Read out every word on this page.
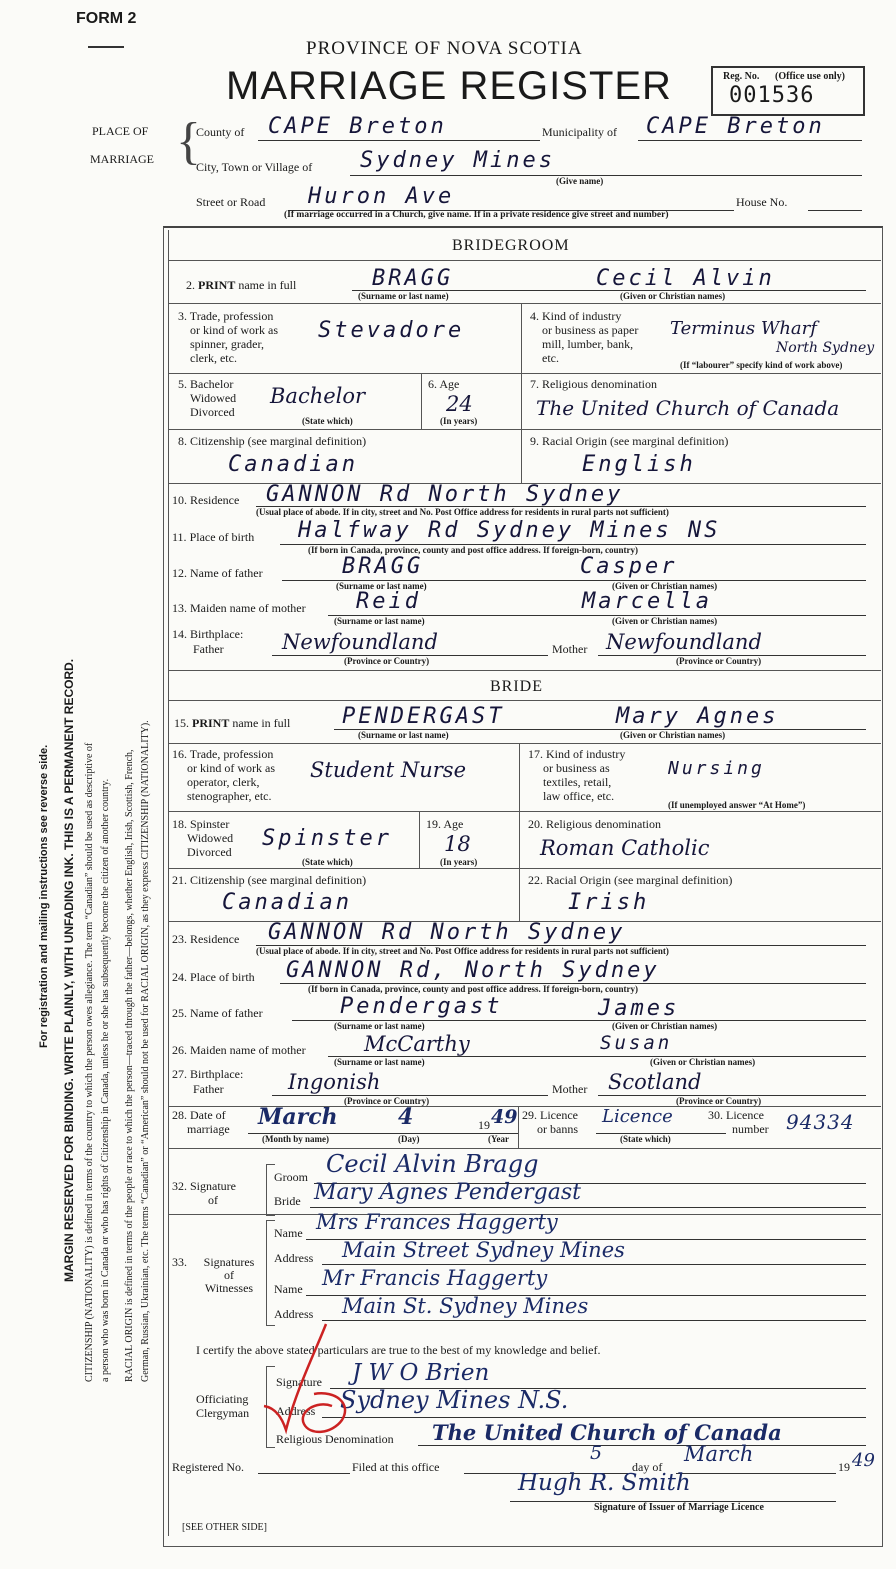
MARGIN RESERVED FOR BINDING. WRITE PLAINLY, WITH UNFADING INK. THIS IS A PERMANENT RECORD.
For registration and mailing instructions see reverse side.	CITIZENSHIP (NATIONALITY) is defined in terms of the country to which the person owes allegiance. The term “Canadian” should be used as descriptive of a person who was born in Canada or who has rights of Citizenship in Canada, unless he or she has subsequently become the citizen of another country. RACIAL ORIGIN is defined in terms of the people or race to which the person—traced through the father—belongs, whether English, Irish, Scottish, French, German, Russian, Ukrainian, etc. The terms “Canadian” or “American” should not be used for RACIAL ORIGIN, as they express CITIZENSHIP (NATIONALITY).
FORM 2
PROVINCE OF NOVA SCOTIA
MARRIAGE REGISTER	Reg. No. (Office use only)
001536
PLACE OF
MARRIAGE {
County of CAPE Breton	Municipality of CAPE Breton
City, Town or Village of Sydney Mines
(Give name)
Street or Road Huron Ave	House No.
(If marriage occurred in a Church, give name. If in a private residence give street and number)
BRIDEGROOM
2. PRINT name in full	BRAGG	Cecil Alvin
(Surname or last name)	(Given or Christian names)
3. Trade, profession
or kind of work as
spinner, grader,
clerk, etc.
Stevadore
4. Kind of industry
or business as paper
mill, lumber, bank,
etc.
Terminus Wharf
North Sydney
(If “labourer” specify kind of work above)
5. Bachelor
Widowed
Divorced
Bachelor
(State which)
6. Age
24
(In years)
7. Religious denomination
The United Church of Canada
8. Citizenship (see marginal definition)
Canadian
9. Racial Origin (see marginal definition)
English
10. Residence GANNON Rd North Sydney
(Usual place of abode. If in city, street and No. Post Office address for residents in rural parts not sufficient)
11. Place of birth Halfway Rd Sydney Mines NS
(If born in Canada, province, county and post office address. If foreign-born, country)
12. Name of father	BRAGG	Casper
(Surname or last name)	(Given or Christian names)
13. Maiden name of mother Reid	Marcella
(Surname or last name)	(Given or Christian names)
14. Birthplace:
Father	Newfoundland
(Province or Country)
Mother Newfoundland
(Province or Country)
BRIDE
15. PRINT name in full PENDERGAST	Mary Agnes
(Surname or last name)	(Given or Christian names)
16. Trade, profession
or kind of work as
operator, clerk,
stenographer, etc.
Student Nurse
17. Kind of industry
or business as
textiles, retail,
law office, etc.
Nursing
(If unemployed answer “At Home”)
18. Spinster
Widowed
Divorced
Spinster
(State which)
19. Age
18
(In years)
20. Religious denomination
Roman Catholic
21. Citizenship (see marginal definition)
Canadian
22. Racial Origin (see marginal definition)
Irish
23. Residence GANNON Rd North Sydney
(Usual place of abode. If in city, street and No. Post Office address for residents in rural parts not sufficient)
24. Place of birth GANNON Rd, North Sydney
(If born in Canada, province, county and post office address. If foreign-born, country)
25. Name of father	Pendergast	James
(Surname or last name)	(Given or Christian names)
26. Maiden name of mother	McCarthy	Susan
(Surname or last name)	(Given or Christian names)
27. Birthplace:
Father	Ingonish
(Province or Country)
Mother Scotland
(Province or Country)
28. Date of
marriage March	4	19 49
(Month by name)	(Day)	(Year
29. Licence
or banns
Licence
(State which)
30. Licence
number 94334
32. Signature
of
Groom Cecil Alvin Bragg
Bride Mary Agnes Pendergast
33.	Signatures
of
Witnesses
Name Mrs Frances Haggerty
Address Main Street Sydney Mines
Name Mr Francis Haggerty
Address Main St. Sydney Mines
I certify the above stated particulars are true to the best of my knowledge and belief.
Officiating
Clergyman
Signature J W O Brien
Address Sydney Mines N.S.
Religious Denomination The United Church of Canada
Registered No.	Filed at this office
5
day of
March
19 49
Hugh R. Smith
Signature of Issuer of Marriage Licence
[SEE OTHER SIDE]
